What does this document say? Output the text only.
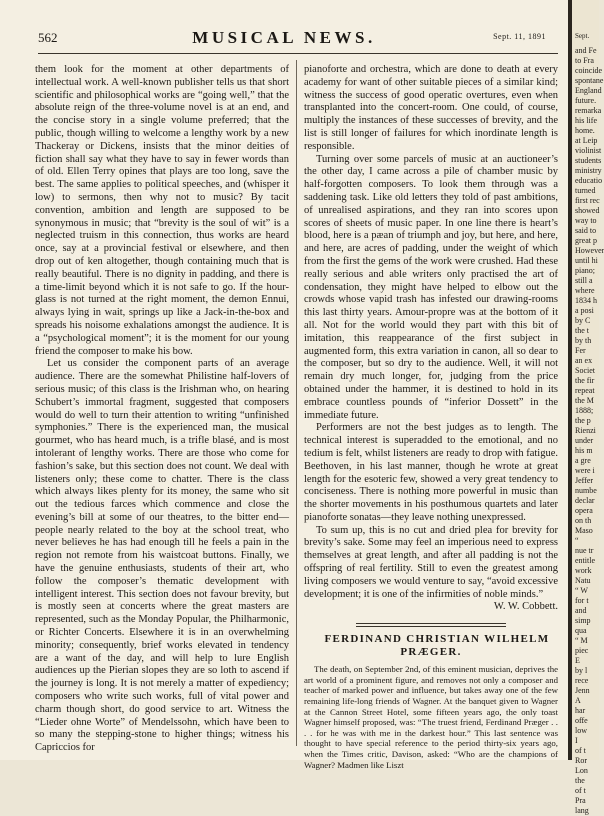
562	MUSICAL NEWS.	Sept. 11, 1891

them look for the moment at other departments of intellectual work. A well-known publisher tells us that short scientific and philosophical works are “going well,” that the absolute reign of the three-volume novel is at an end, and the concise story in a single volume preferred; that the public, though willing to welcome a lengthy work by a new Thackeray or Dickens, insists that the minor deities of fiction shall say what they have to say in fewer words than of old. Ellen Terry opines that plays are too long, save the best. The same applies to political speeches, and (whisper it low) to sermons, then why not to music? By tacit convention, ambition and length are supposed to be synonymous in music; that “brevity is the soul of wit” is a neglected truism in this connection, thus works are heard once, say at a provincial festival or elsewhere, and then drop out of ken altogether, though containing much that is really beautiful. There is no dignity in padding, and there is a time-limit beyond which it is not safe to go. If the hour-glass is not turned at the right moment, the demon Ennui, always lying in wait, springs up like a Jack-in-the-box and spreads his noisome exhalations amongst the audience. It is a “psychological moment”; it is the moment for our young friend the composer to make his bow.

Let us consider the component parts of an average audience. There are the somewhat Philistine half-lovers of serious music; of this class is the Irishman who, on hearing Schubert’s immortal fragment, suggested that composers would do well to turn their attention to writing “unfinished symphonies.” There is the experienced man, the musical gourmet, who has heard much, is a trifle blasé, and is most intolerant of lengthy works. There are those who come for fashion’s sake, but this section does not count. We deal with listeners only; these come to chatter. There is the class which always likes plenty for its money, the same who sit out the tedious farces which commence and close the evening’s bill at some of our theatres, to the bitter end—people nearly related to the boy at the school treat, who never believes he has had enough till he feels a pain in the region not remote from his waistcoat buttons. Finally, we have the genuine enthusiasts, students of their art, who follow the composer’s thematic development with intelligent interest. This section does not favour brevity, but is mostly seen at concerts where the great masters are represented, such as the Monday Popular, the Philharmonic, or Richter Concerts. Elsewhere it is in an overwhelming minority; consequently, brief works elevated in tendency are a want of the day, and will help to lure English audiences up the Pierian slopes they are so loth to ascend if the journey is long. It is not merely a matter of expediency; composers who write such works, full of vital power and charm though short, do good service to art. Witness the “Lieder ohne Worte” of Mendelssohn, which have been to so many the stepping-stone to higher things; witness his Capriccios for

pianoforte and orchestra, which are done to death at every academy for want of other suitable pieces of a similar kind; witness the success of good operatic overtures, even when transplanted into the concert-room. One could, of course, multiply the instances of these successes of brevity, and the list is still longer of failures for which inordinate length is responsible.

Turning over some parcels of music at an auctioneer’s the other day, I came across a pile of chamber music by half-forgotten composers. To look them through was a saddening task. Like old letters they told of past ambitions, of unrealised aspirations, and they ran into scores upon scores of sheets of music paper. In one line there is heart’s blood, here is a pæan of triumph and joy, but here, and here, and here, are acres of padding, under the weight of which from the first the gems of the work were crushed. Had these really serious and able writers only practised the art of condensation, they might have helped to elbow out the crowds whose vapid trash has infested our drawing-rooms this last thirty years. Amour-propre was at the bottom of it all. Not for the world would they part with this bit of imitation, this reappearance of the first subject in augmented form, this extra variation in canon, all so dear to the composer, but so dry to the audience. Well, it will not remain dry much longer, for, judging from the price obtained under the hammer, it is destined to hold in its embrace countless pounds of “inferior Dossett” in the immediate future.

Performers are not the best judges as to length. The technical interest is superadded to the emotional, and no tedium is felt, whilst listeners are ready to drop with fatigue. Beethoven, in his last manner, though he wrote at great length for the esoteric few, showed a very great tendency to conciseness. There is nothing more powerful in music than the shorter movements in his posthumous quartets and later pianoforte sonatas—they leave nothing unexpressed.

To sum up, this is no cut and dried plea for brevity for brevity’s sake. Some may feel an imperious need to express themselves at great length, and after all padding is not the offspring of real fertility. Still to even the greatest among living composers we would venture to say, “avoid excessive development; it is one of the infirmities of noble minds.”

W. W. Cobbett.

FERDINAND CHRISTIAN WILHELM
PRÆGER.

The death, on September 2nd, of this eminent musician, deprives the art world of a prominent figure, and removes not only a composer and teacher of marked power and influence, but takes away one of the few remaining life-long friends of Wagner. At the banquet given to Wagner at the Cannon Street Hotel, some fifteen years ago, the only toast Wagner himself proposed, was: “The truest friend, Ferdinand Præger . . . . for he was with me in the darkest hour.” This last sentence was thought to have special reference to the period thirty-six years ago, when the Times critic, Davison, asked: “Who are the champions of Wagner? Madmen like Liszt

Sept.
and Fe
to Fra
coincide
spontane
England
future.
remarka
his life
home.
at Leip
violinist
students
ministry
educatio
turned
first rec
showed
way to
said to
great p
However
until hi
piano;
still a
where
1834 h
a posi
by C
the t
by th
Fer
an ex
Societ
the fir
repeat
the M
1888;
the p
Rienzi
under
his m
a gre
were i
Jeffer
numbe
declar
opera
on th
Maso
“
nue tr
entitle
work
Natu
“ W
for t
and
simp
qua
“ M
piec
E
by l
rece
Jenn
A
har
offe
low
I
of t
Ror
Lon
the
of t
Pra
lang
